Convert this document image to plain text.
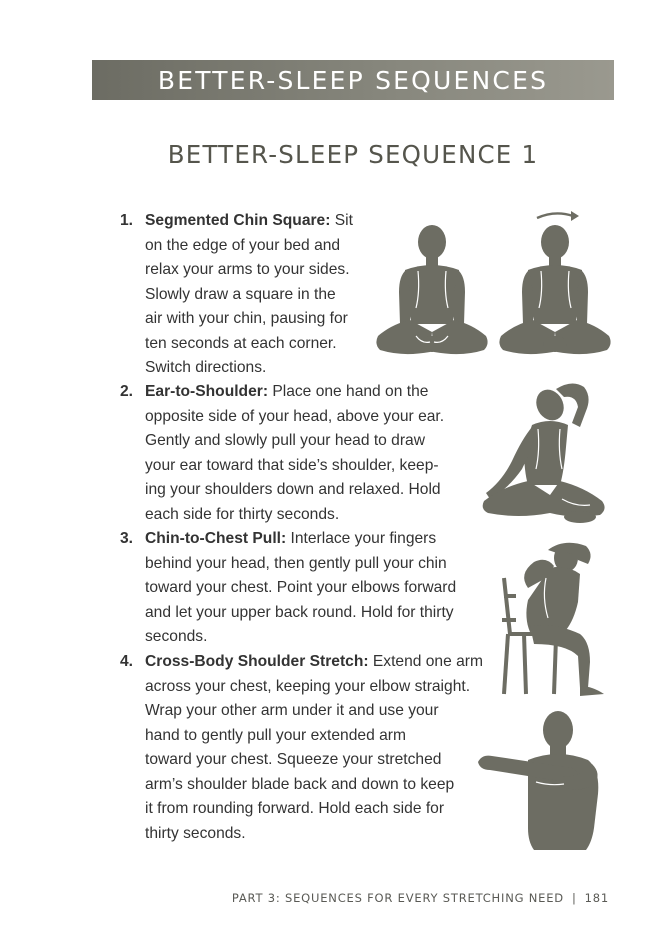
BETTER-SLEEP SEQUENCES
BETTER-SLEEP SEQUENCE 1
1. Segmented Chin Square: Sit
on the edge of your bed and
relax your arms to your sides.
Slowly draw a square in the
air with your chin, pausing for
ten seconds at each corner.
Switch directions.
2. Ear-to-Shoulder: Place one hand on the
opposite side of your head, above your ear.
Gently and slowly pull your head to draw
your ear toward that side’s shoulder, keep-
ing your shoulders down and relaxed. Hold
each side for thirty seconds.
3. Chin-to-Chest Pull: Interlace your fingers
behind your head, then gently pull your chin
toward your chest. Point your elbows forward
and let your upper back round. Hold for thirty
seconds.
4. Cross-Body Shoulder Stretch: Extend one arm
across your chest, keeping your elbow straight.
Wrap your other arm under it and use your
hand to gently pull your extended arm
toward your chest. Squeeze your stretched
arm’s shoulder blade back and down to keep
it from rounding forward. Hold each side for
thirty seconds.
PART 3: SEQUENCES FOR EVERY STRETCHING NEED | 181
